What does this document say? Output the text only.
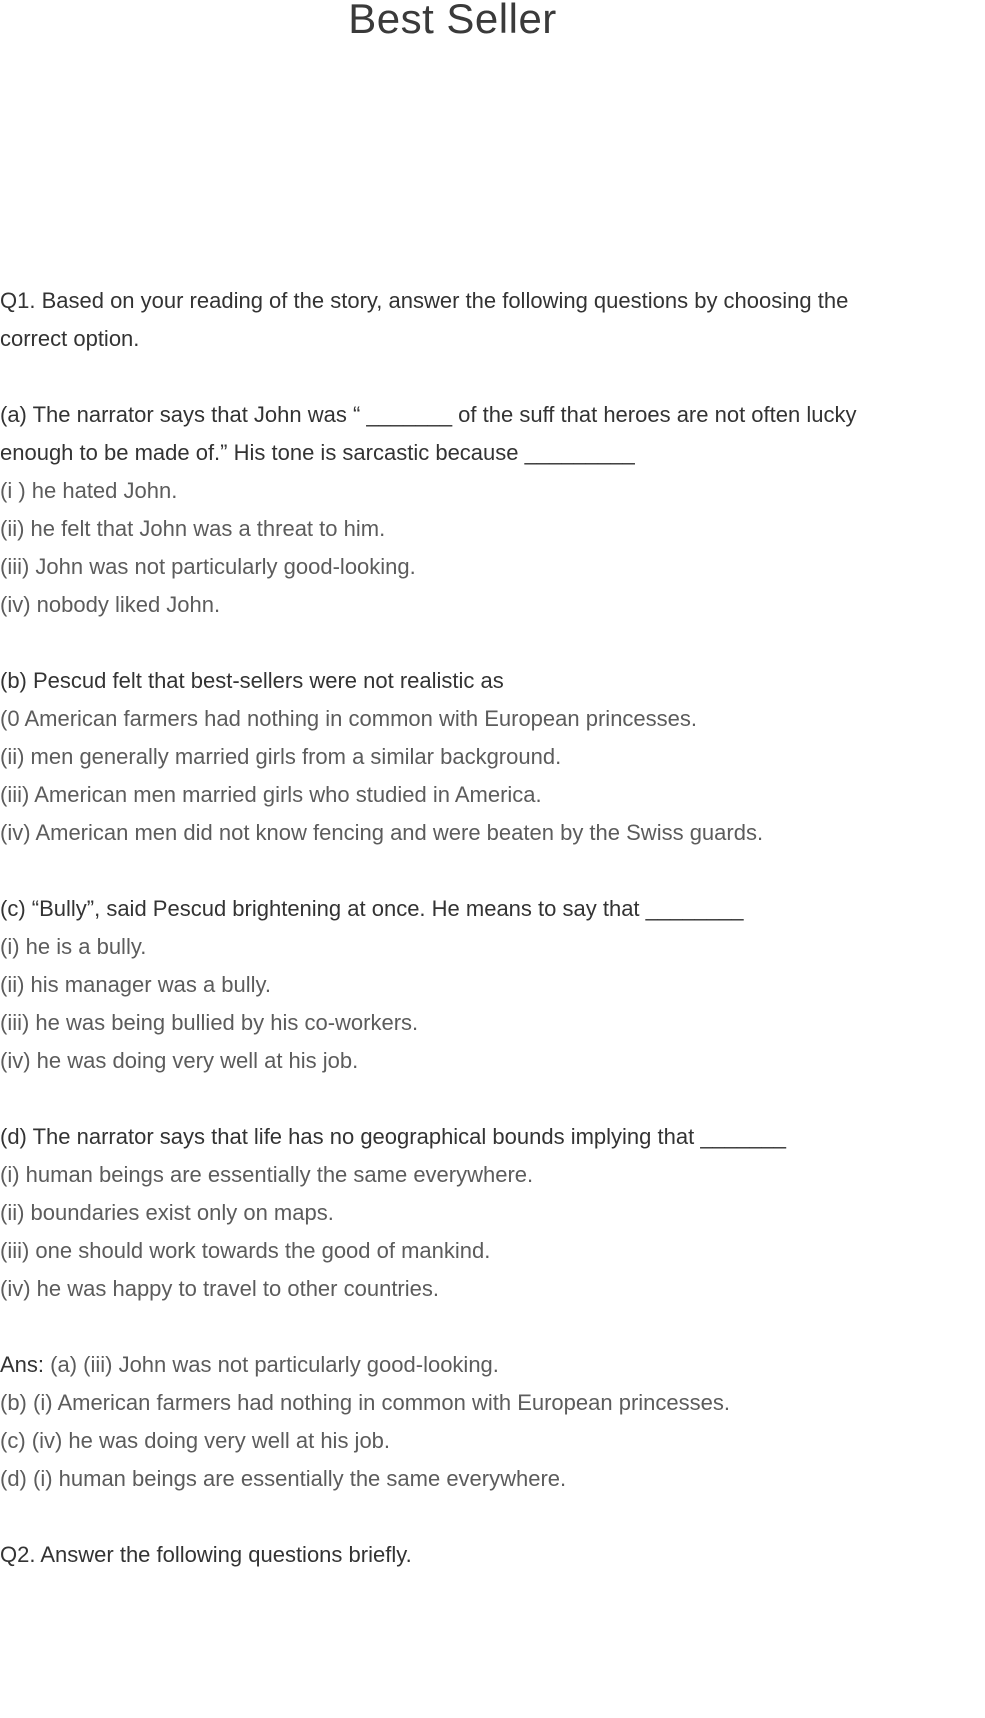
Best Seller
Q1. Based on your reading of the story, answer the following questions by choosing the
correct option.
(a) The narrator says that John was “ _______ of the suff that heroes are not often lucky
enough to be made of.” His tone is sarcastic because _________
(i ) he hated John.
(ii) he felt that John was a threat to him.
(iii) John was not particularly good-looking.
(iv) nobody liked John.
(b) Pescud felt that best-sellers were not realistic as
(0 American farmers had nothing in common with European princesses.
(ii) men generally married girls from a similar background.
(iii) American men married girls who studied in America.
(iv) American men did not know fencing and were beaten by the Swiss guards.
(c) “Bully”, said Pescud brightening at once. He means to say that ________
(i) he is a bully.
(ii) his manager was a bully.
(iii) he was being bullied by his co-workers.
(iv) he was doing very well at his job.
(d) The narrator says that life has no geographical bounds implying that _______
(i) human beings are essentially the same everywhere.
(ii) boundaries exist only on maps.
(iii) one should work towards the good of mankind.
(iv) he was happy to travel to other countries.
Ans: (a) (iii) John was not particularly good-looking.
(b) (i) American farmers had nothing in common with European princesses.
(c) (iv) he was doing very well at his job.
(d) (i) human beings are essentially the same everywhere.
Q2. Answer the following questions briefly.
